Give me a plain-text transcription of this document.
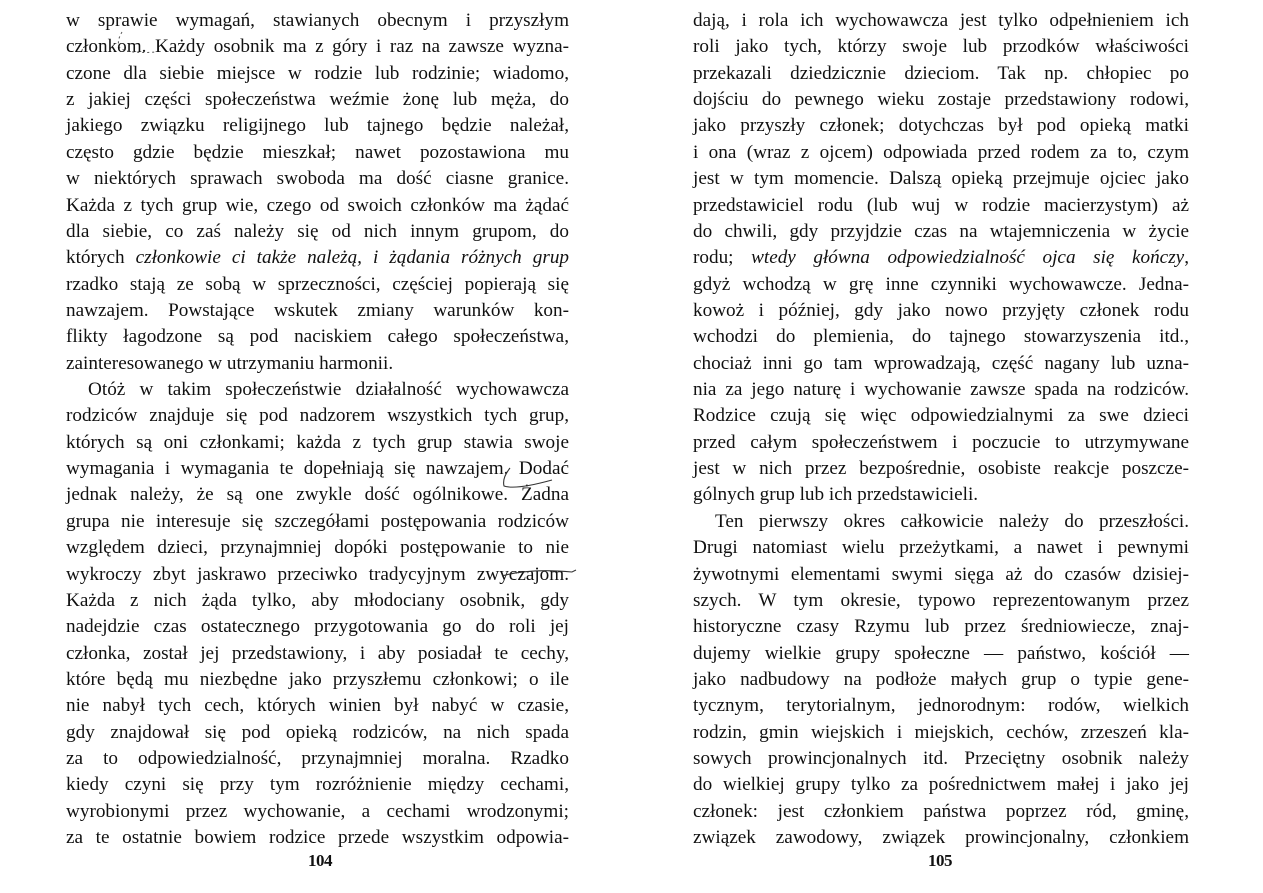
w sprawie wymagań, stawianych obecnym i przyszłym
członkom. Każdy osobnik ma z góry i raz na zawsze wyzna-
czone dla siebie miejsce w rodzie lub rodzinie; wiadomo,
z jakiej części społeczeństwa weźmie żonę lub męża, do
jakiego związku religijnego lub tajnego będzie należał,
często gdzie będzie mieszkał; nawet pozostawiona mu
w niektórych sprawach swoboda ma dość ciasne granice.
Każda z tych grup wie, czego od swoich członków ma żądać
dla siebie, co zaś należy się od nich innym grupom, do
których członkowie ci także należą, i żądania różnych grup
rzadko stają ze sobą w sprzeczności, częściej popierają się
nawzajem. Powstające wskutek zmiany warunków kon-
flikty łagodzone są pod naciskiem całego społeczeństwa,
zainteresowanego w utrzymaniu harmonii.
Otóż w takim społeczeństwie działalność wychowawcza
rodziców znajduje się pod nadzorem wszystkich tych grup,
których są oni członkami; każda z tych grup stawia swoje
wymagania i wymagania te dopełniają się nawzajem. Dodać
jednak należy, że są one zwykle dość ogólnikowe. Żadna
grupa nie interesuje się szczegółami postępowania rodziców
względem dzieci, przynajmniej dopóki postępowanie to nie
wykroczy zbyt jaskrawo przeciwko tradycyjnym zwyczajom.
Każda z nich żąda tylko, aby młodociany osobnik, gdy
nadejdzie czas ostatecznego przygotowania go do roli jej
członka, został jej przedstawiony, i aby posiadał te cechy,
które będą mu niezbędne jako przyszłemu członkowi; o ile
nie nabył tych cech, których winien był nabyć w czasie,
gdy znajdował się pod opieką rodziców, na nich spada
za to odpowiedzialność, przynajmniej moralna. Rzadko
kiedy czyni się przy tym rozróżnienie między cechami,
wyrobionymi przez wychowanie, a cechami wrodzonymi;
za te ostatnie bowiem rodzice przede wszystkim odpowia-
dają, i rola ich wychowawcza jest tylko odpełnieniem ich
roli jako tych, którzy swoje lub przodków właściwości
przekazali dziedzicznie dzieciom. Tak np. chłopiec po
dojściu do pewnego wieku zostaje przedstawiony rodowi,
jako przyszły członek; dotychczas był pod opieką matki
i ona (wraz z ojcem) odpowiada przed rodem za to, czym
jest w tym momencie. Dalszą opieką przejmuje ojciec jako
przedstawiciel rodu (lub wuj w rodzie macierzystym) aż
do chwili, gdy przyjdzie czas na wtajemniczenia w życie
rodu; wtedy główna odpowiedzialność ojca się kończy,
gdyż wchodzą w grę inne czynniki wychowawcze. Jedna-
kowoż i później, gdy jako nowo przyjęty członek rodu
wchodzi do plemienia, do tajnego stowarzyszenia itd.,
chociaż inni go tam wprowadzają, część nagany lub uzna-
nia za jego naturę i wychowanie zawsze spada na rodziców.
Rodzice czują się więc odpowiedzialnymi za swe dzieci
przed całym społeczeństwem i poczucie to utrzymywane
jest w nich przez bezpośrednie, osobiste reakcje poszcze-
gólnych grup lub ich przedstawicieli.
Ten pierwszy okres całkowicie należy do przeszłości.
Drugi natomiast wielu przeżytkami, a nawet i pewnymi
żywotnymi elementami swymi sięga aż do czasów dzisiej-
szych. W tym okresie, typowo reprezentowanym przez
historyczne czasy Rzymu lub przez średniowiecze, znaj-
dujemy wielkie grupy społeczne — państwo, kościół —
jako nadbudowy na podłoże małych grup o typie gene-
tycznym, terytorialnym, jednorodnym: rodów, wielkich
rodzin, gmin wiejskich i miejskich, cechów, zrzeszeń kla-
sowych prowincjonalnych itd. Przeciętny osobnik należy
do wielkiej grupy tylko za pośrednictwem małej i jako jej
członek: jest członkiem państwa poprzez ród, gminę,
związek zawodowy, związek prowincjonalny, członkiem
104	105
